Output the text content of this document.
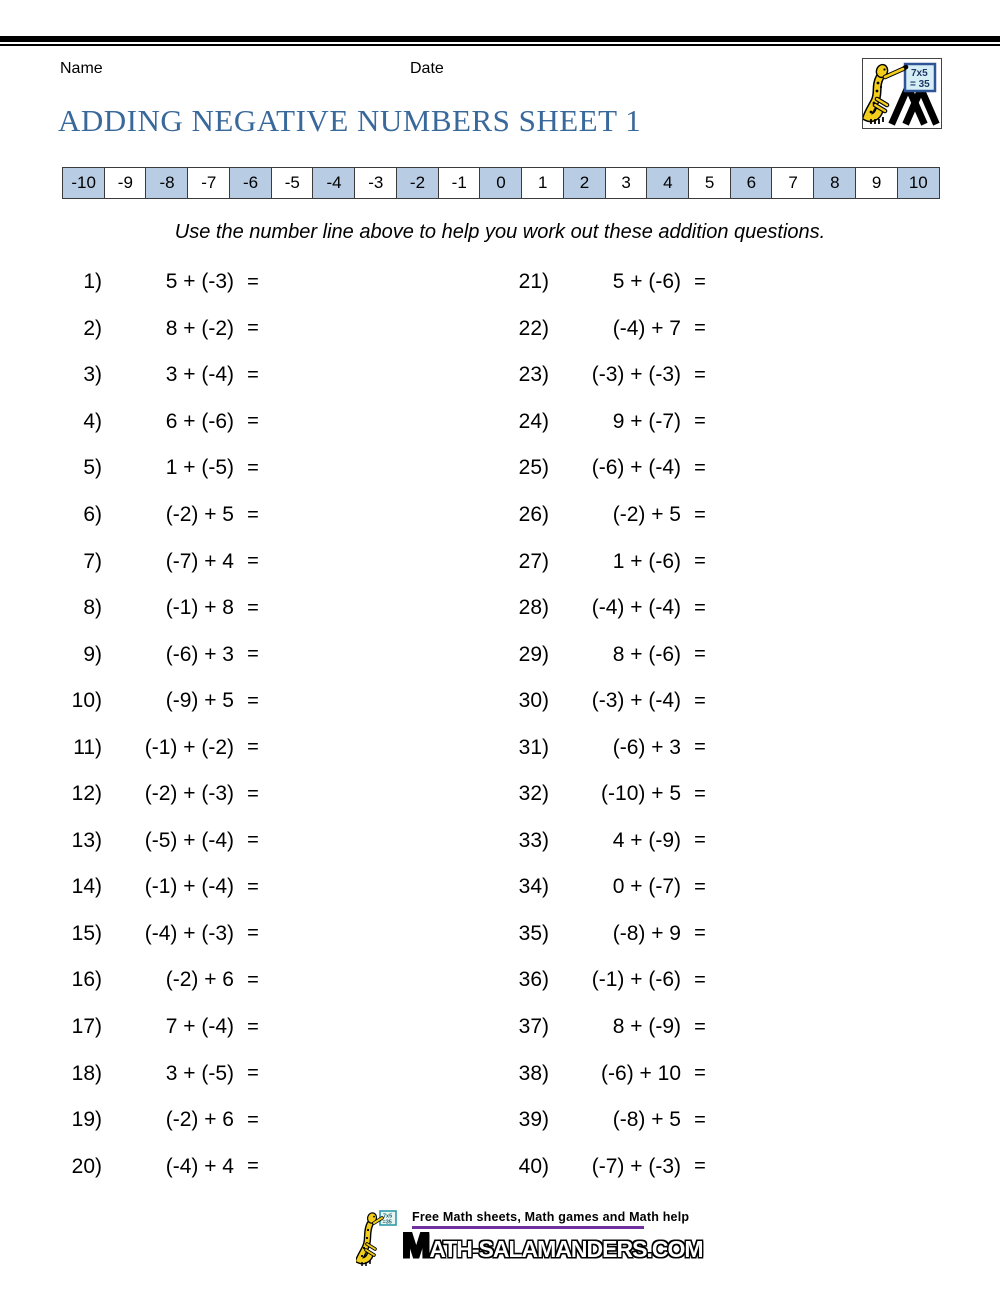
Name	Date	7x5
= 35
ADDING NEGATIVE NUMBERS SHEET 1
-10	-9	-8	-7	-6	-5	-4	-3	-2	-1	0	1	2	3	4	5	6	7	8	9	10
Use the number line above to help you work out these addition questions.
1)	5 + (-3) =
2)	8 + (-2) =
3)	3 + (-4) =
4)	6 + (-6) =
5)	1 + (-5) =
6)	(-2) + 5 =
7)	(-7) + 4 =
8)	(-1) + 8 =
9)	(-6) + 3 =
10)	(-9) + 5 =
11)	(-1) + (-2) =
12)	(-2) + (-3) =
13)	(-5) + (-4) =
14)	(-1) + (-4) =
15)	(-4) + (-3) =
16)	(-2) + 6 =
17)	7 + (-4) =
18)	3 + (-5) =
19)	(-2) + 6 =
20)	(-4) + 4 =
21)	5 + (-6) =
22)	(-4) + 7 =
23)	(-3) + (-3) =
24)	9 + (-7) =
25)	(-6) + (-4) =
26)	(-2) + 5 =
27)	1 + (-6) =
28)	(-4) + (-4) =
29)	8 + (-6) =
30)	(-3) + (-4) =
31)	(-6) + 3 =
32)	(-10) + 5 =
33)	4 + (-9) =
34)	0 + (-7) =
35)	(-8) + 9 =
36)	(-1) + (-6) =
37)	8 + (-9) =
38)	(-6) + 10 =
39)	(-8) + 5 =
40)	(-7) + (-3) =
7x5
=35	Free Math sheets, Math games and Math help
MATH-SALAMANDERS.COM
